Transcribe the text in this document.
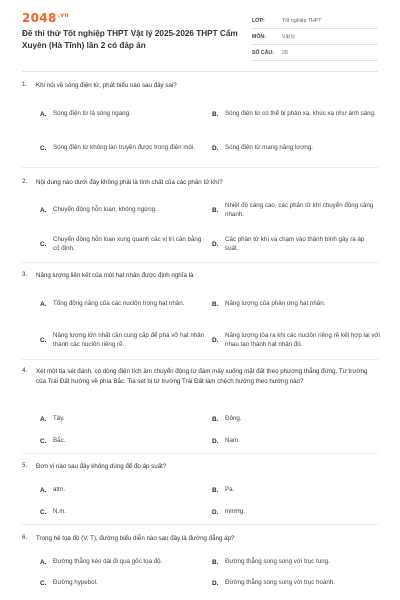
$2048^{.vn}$
Đề thi thử Tốt nghiệp THPT Vật lý 2025-2026 THPT Cẩm Xuyên (Hà Tĩnh) lần 2 có đáp án
LỚP:	Tốt nghiệp THPT
MÔN:	Vật lý
SỐ CÂU:	28
1. Khi nói về sóng điện từ, phát biểu nào sau đây sai?
A.	Sóng điện từ là sóng ngang.	B.	Sóng điện từ có thể bị phản xạ, khúc xạ như ánh sáng.
C.	Sóng điện từ không lan truyền được trong điện môi.	D.	Sóng điện từ mang năng lượng.
2. Nội dung nào dưới đây không phải là tính chất của các phân tử khí?
A.	Chuyển động hỗn loạn, không ngừng.	B.
Nhiệt độ càng cao, các phân tử khí chuyển động càng nhanh.
C.
Chuyển động hỗn loạn xung quanh các vị trí cân bằng cố định.
D.
Các phân tử khí va chạm vào thành bình gây ra áp suất.
3. Năng lượng liên kết của một hạt nhân được định nghĩa là
A.	Tổng động năng của các nuclôn trong hạt nhân.	B.	Năng lượng của phản ứng hạt nhân.
C.
Năng lượng lớn nhất cần cung cấp để phá vỡ hạt nhân thành các nuclôn riêng rẽ.
D.
Năng lượng tỏa ra khi các nuclôn riêng rẽ kết hợp lại với nhau tạo thành hạt nhân đó.
4. Xét một tia sét đánh, có dòng điện tích âm chuyển động từ đám mây xuống mặt đất theo phương thẳng đứng. Từ trường của Trái Đất hướng về phía Bắc. Tia sét bị từ trường Trái Đất làm chệch hướng theo hướng nào?
A.	Tây.	B.	Đông.
C.	Bắc.	D.	Nam.
5. Đơn vị nào sau đây không dùng để đo áp suất?
A.	atm.	B.	Pa.
C.	N.m.	D.	mmHg.
6. Trong hệ tọa độ (V, T), đường biểu diễn nào sau đây là đường đẳng áp?
A.	Đường thẳng kéo dài đi qua gốc tọa độ.	B.	Đường thẳng song song với trục tung.
C.	Đường hypebol.	D.	Đường thẳng song song với trục hoành.
